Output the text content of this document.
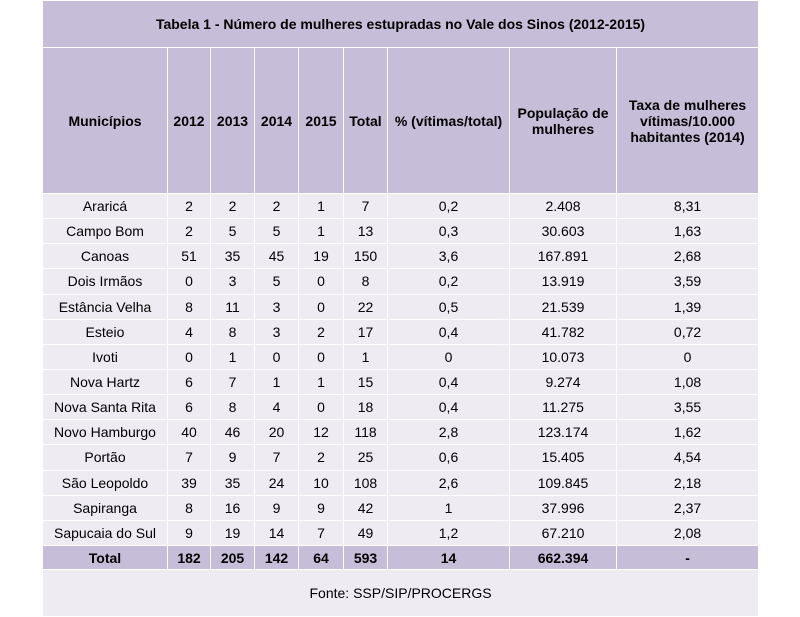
Tabela 1 - Número de mulheres estupradas no Vale dos Sinos (2012-2015)								
Municípios	2012	2013	2014	2015	Total	% (vítimas/total)	População de mulheres	Taxa de mulheres vítimas/10.000 habitantes (2014)
Araricá	2	2	2	1	7	0,2	2.408	8,31
Campo Bom	2	5	5	1	13	0,3	30.603	1,63
Canoas	51	35	45	19	150	3,6	167.891	2,68
Dois Irmãos	0	3	5	0	8	0,2	13.919	3,59
Estância Velha	8	11	3	0	22	0,5	21.539	1,39
Esteio	4	8	3	2	17	0,4	41.782	0,72
Ivoti	0	1	0	0	1	0	10.073	0
Nova Hartz	6	7	1	1	15	0,4	9.274	1,08
Nova Santa Rita	6	8	4	0	18	0,4	11.275	3,55
Novo Hamburgo	40	46	20	12	118	2,8	123.174	1,62
Portão	7	9	7	2	25	0,6	15.405	4,54
São Leopoldo	39	35	24	10	108	2,6	109.845	2,18
Sapiranga	8	16	9	9	42	1	37.996	2,37
Sapucaia do Sul	9	19	14	7	49	1,2	67.210	2,08
Total	182	205	142	64	593	14	662.394	-
Fonte: SSP/SIP/PROCERGS								
